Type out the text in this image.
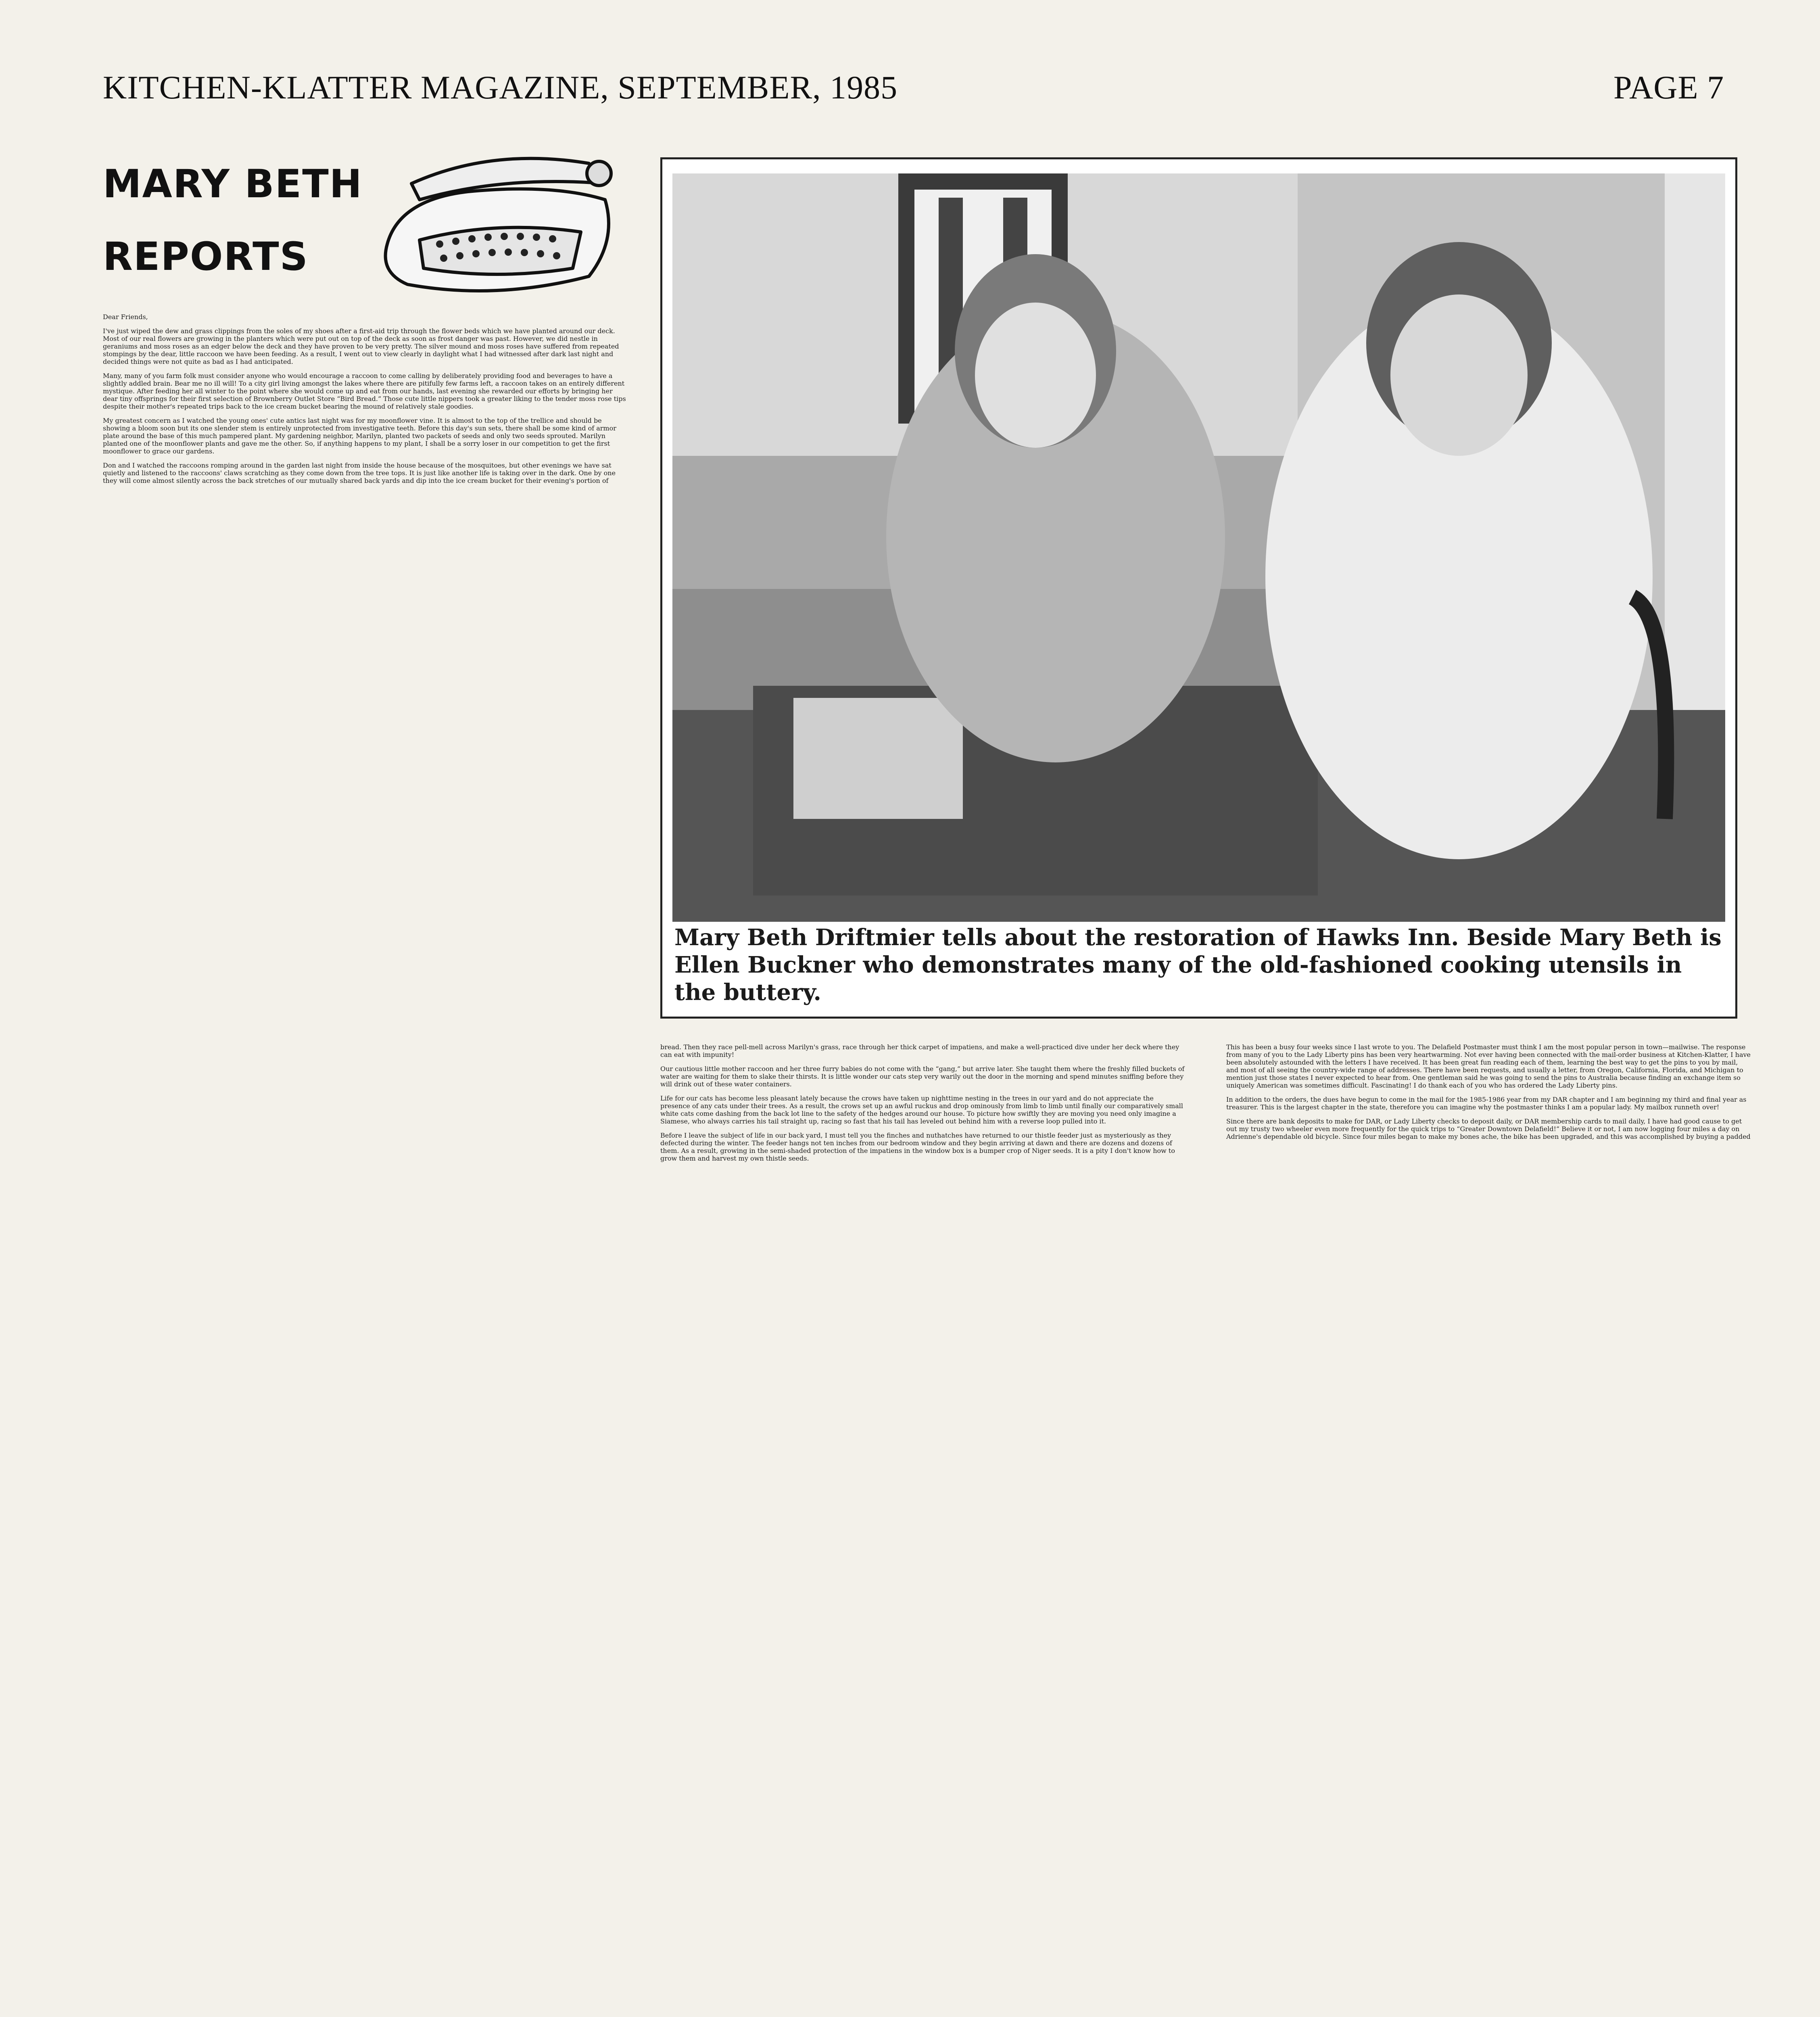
KITCHEN-KLATTER MAGAZINE, SEPTEMBER, 1985	PAGE 7
MARY BETH
REPORTS

Dear Friends,

I've just wiped the dew and grass clippings from the soles of my shoes after a first-aid trip through the flower beds which we have planted around our deck. Most of our real flowers are growing in the planters which were put out on top of the deck as soon as frost danger was past. However, we did nestle in geraniums and moss roses as an edger below the deck and they have proven to be very pretty. The silver mound and moss roses have suffered from repeated stompings by the dear, little raccoon we have been feeding. As a result, I went out to view clearly in daylight what I had witnessed after dark last night and decided things were not quite as bad as I had anticipated.

Many, many of you farm folk must consider anyone who would encourage a raccoon to come calling by deliberately providing food and beverages to have a slightly addled brain. Bear me no ill will! To a city girl living amongst the lakes where there are pitifully few farms left, a raccoon takes on an entirely different mystique. After feeding her all winter to the point where she would come up and eat from our hands, last evening she rewarded our efforts by bringing her dear tiny offsprings for their first selection of Brownberry Outlet Store “Bird Bread.” Those cute little nippers took a greater liking to the tender moss rose tips despite their mother's repeated trips back to the ice cream bucket bearing the mound of relatively stale goodies.

My greatest concern as I watched the young ones' cute antics last night was for my moonflower vine. It is almost to the top of the trellice and should be showing a bloom soon but its one slender stem is entirely unprotected from investigative teeth. Before this day's sun sets, there shall be some kind of armor plate around the base of this much pampered plant. My gardening neighbor, Marilyn, planted two packets of seeds and only two seeds sprouted. Marilyn planted one of the moonflower plants and gave me the other. So, if anything happens to my plant, I shall be a sorry loser in our competition to get the first moonflower to grace our gardens.

Don and I watched the raccoons romping around in the garden last night from inside the house because of the mosquitoes, but other evenings we have sat quietly and listened to the raccoons' claws scratching as they come down from the tree tops. It is just like another life is taking over in the dark. One by one they will come almost silently across the back stretches of our mutually shared back yards and dip into the ice cream bucket for their evening's portion of

Mary Beth Driftmier tells about the restoration of Hawks Inn. Beside Mary Beth is Ellen Buckner who demonstrates many of the old-fashioned cooking utensils in the buttery.

bread. Then they race pell-mell across Marilyn's grass, race through her thick carpet of impatiens, and make a well-practiced dive under her deck where they can eat with impunity!

Our cautious little mother raccoon and her three furry babies do not come with the “gang,” but arrive later. She taught them where the freshly filled buckets of water are waiting for them to slake their thirsts. It is little wonder our cats step very warily out the door in the morning and spend minutes sniffing before they will drink out of these water containers.

Life for our cats has become less pleasant lately because the crows have taken up nighttime nesting in the trees in our yard and do not appreciate the presence of any cats under their trees. As a result, the crows set up an awful ruckus and drop ominously from limb to limb until finally our comparatively small white cats come dashing from the back lot line to the safety of the hedges around our house. To picture how swiftly they are moving you need only imagine a Siamese, who always carries his tail straight up, racing so fast that his tail has leveled out behind him with a reverse loop pulled into it.

Before I leave the subject of life in our back yard, I must tell you the finches and nuthatches have returned to our thistle feeder just as mysteriously as they defected during the winter. The feeder hangs not ten inches from our bedroom window and they begin arriving at dawn and there are dozens and dozens of them. As a result, growing in the semi-shaded protection of the impatiens in the window box is a bumper crop of Niger seeds. It is a pity I don't know how to grow them and harvest my own thistle seeds.

This has been a busy four weeks since I last wrote to you. The Delafield Postmaster must think I am the most popular person in town—mailwise. The response from many of you to the Lady Liberty pins has been very heartwarming. Not ever having been connected with the mail-order business at Kitchen-Klatter, I have been absolutely astounded with the letters I have received. It has been great fun reading each of them, learning the best way to get the pins to you by mail, and most of all seeing the country-wide range of addresses. There have been requests, and usually a letter, from Oregon, California, Florida, and Michigan to mention just those states I never expected to hear from. One gentleman said he was going to send the pins to Australia because finding an exchange item so uniquely American was sometimes difficult. Fascinating! I do thank each of you who has ordered the Lady Liberty pins.

In addition to the orders, the dues have begun to come in the mail for the 1985-1986 year from my DAR chapter and I am beginning my third and final year as treasurer. This is the largest chapter in the state, therefore you can imagine why the postmaster thinks I am a popular lady. My mailbox runneth over!

Since there are bank deposits to make for DAR, or Lady Liberty checks to deposit daily, or DAR membership cards to mail daily, I have had good cause to get out my trusty two wheeler even more frequently for the quick trips to “Greater Downtown Delafield!” Believe it or not, I am now logging four miles a day on Adrienne's dependable old bicycle. Since four miles began to make my bones ache, the bike has been upgraded, and this was accomplished by buying a padded
